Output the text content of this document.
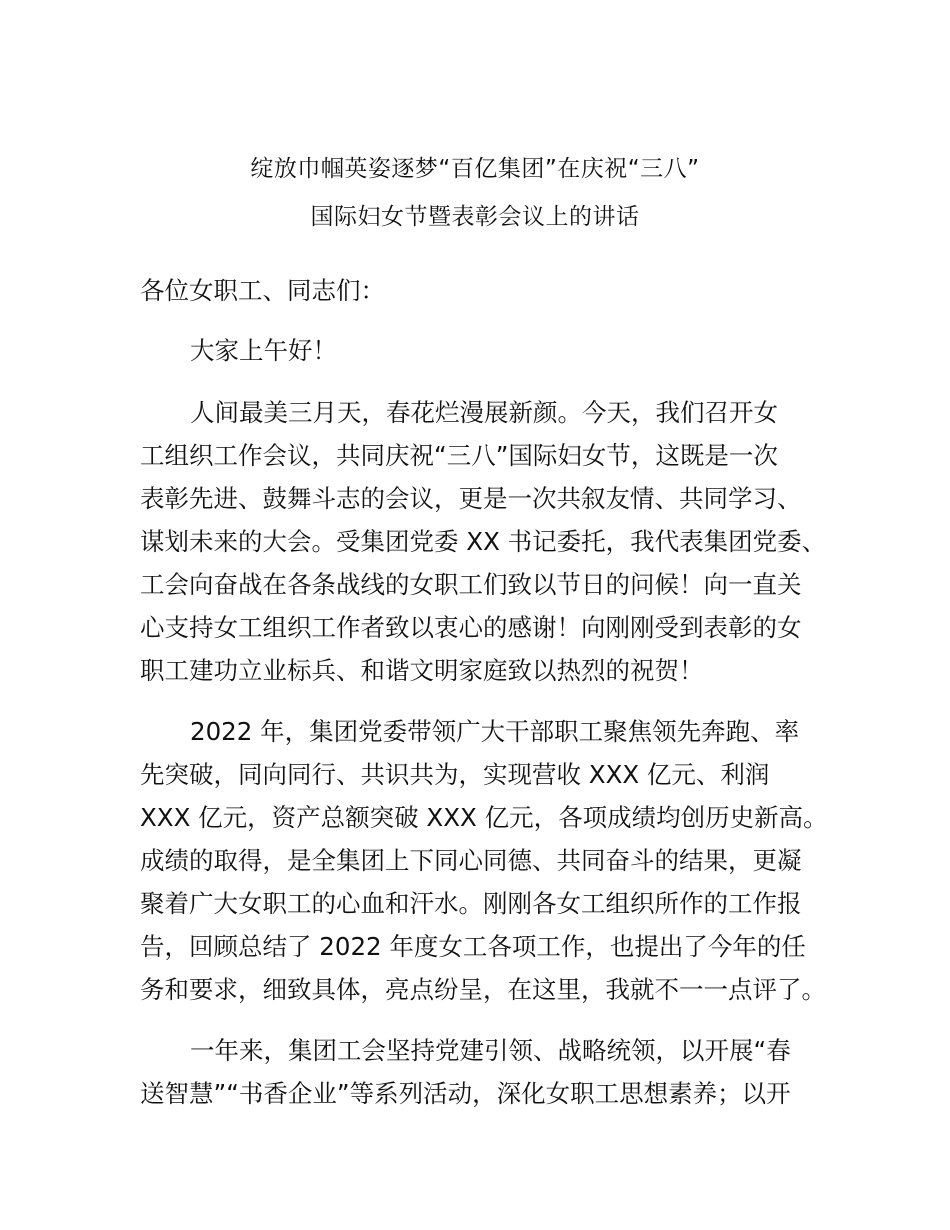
绽放巾帼英姿逐梦“百亿集团”在庆祝“三八”
国际妇女节暨表彰会议上的讲话
各位女职工、同志们：
大家上午好！
人间最美三月天，春花烂漫展新颜。今天，我们召开女
工组织工作会议，共同庆祝“三八”国际妇女节，这既是一次
表彰先进、鼓舞斗志的会议，更是一次共叙友情、共同学习、
谋划未来的大会。受集团党委 XX 书记委托，我代表集团党委、
工会向奋战在各条战线的女职工们致以节日的问候！向一直关
心支持女工组织工作者致以衷心的感谢！向刚刚受到表彰的女
职工建功立业标兵、和谐文明家庭致以热烈的祝贺！
2022 年，集团党委带领广大干部职工聚焦领先奔跑、率
先突破，同向同行、共识共为，实现营收 XXX 亿元、利润
XXX 亿元，资产总额突破 XXX 亿元，各项成绩均创历史新高。
成绩的取得，是全集团上下同心同德、共同奋斗的结果，更凝
聚着广大女职工的心血和汗水。刚刚各女工组织所作的工作报
告，回顾总结了 2022 年度女工各项工作，也提出了今年的任
务和要求，细致具体，亮点纷呈，在这里，我就不一一点评了。
一年来，集团工会坚持党建引领、战略统领，以开展“春
送智慧”“书香企业”等系列活动，深化女职工思想素养；以开
